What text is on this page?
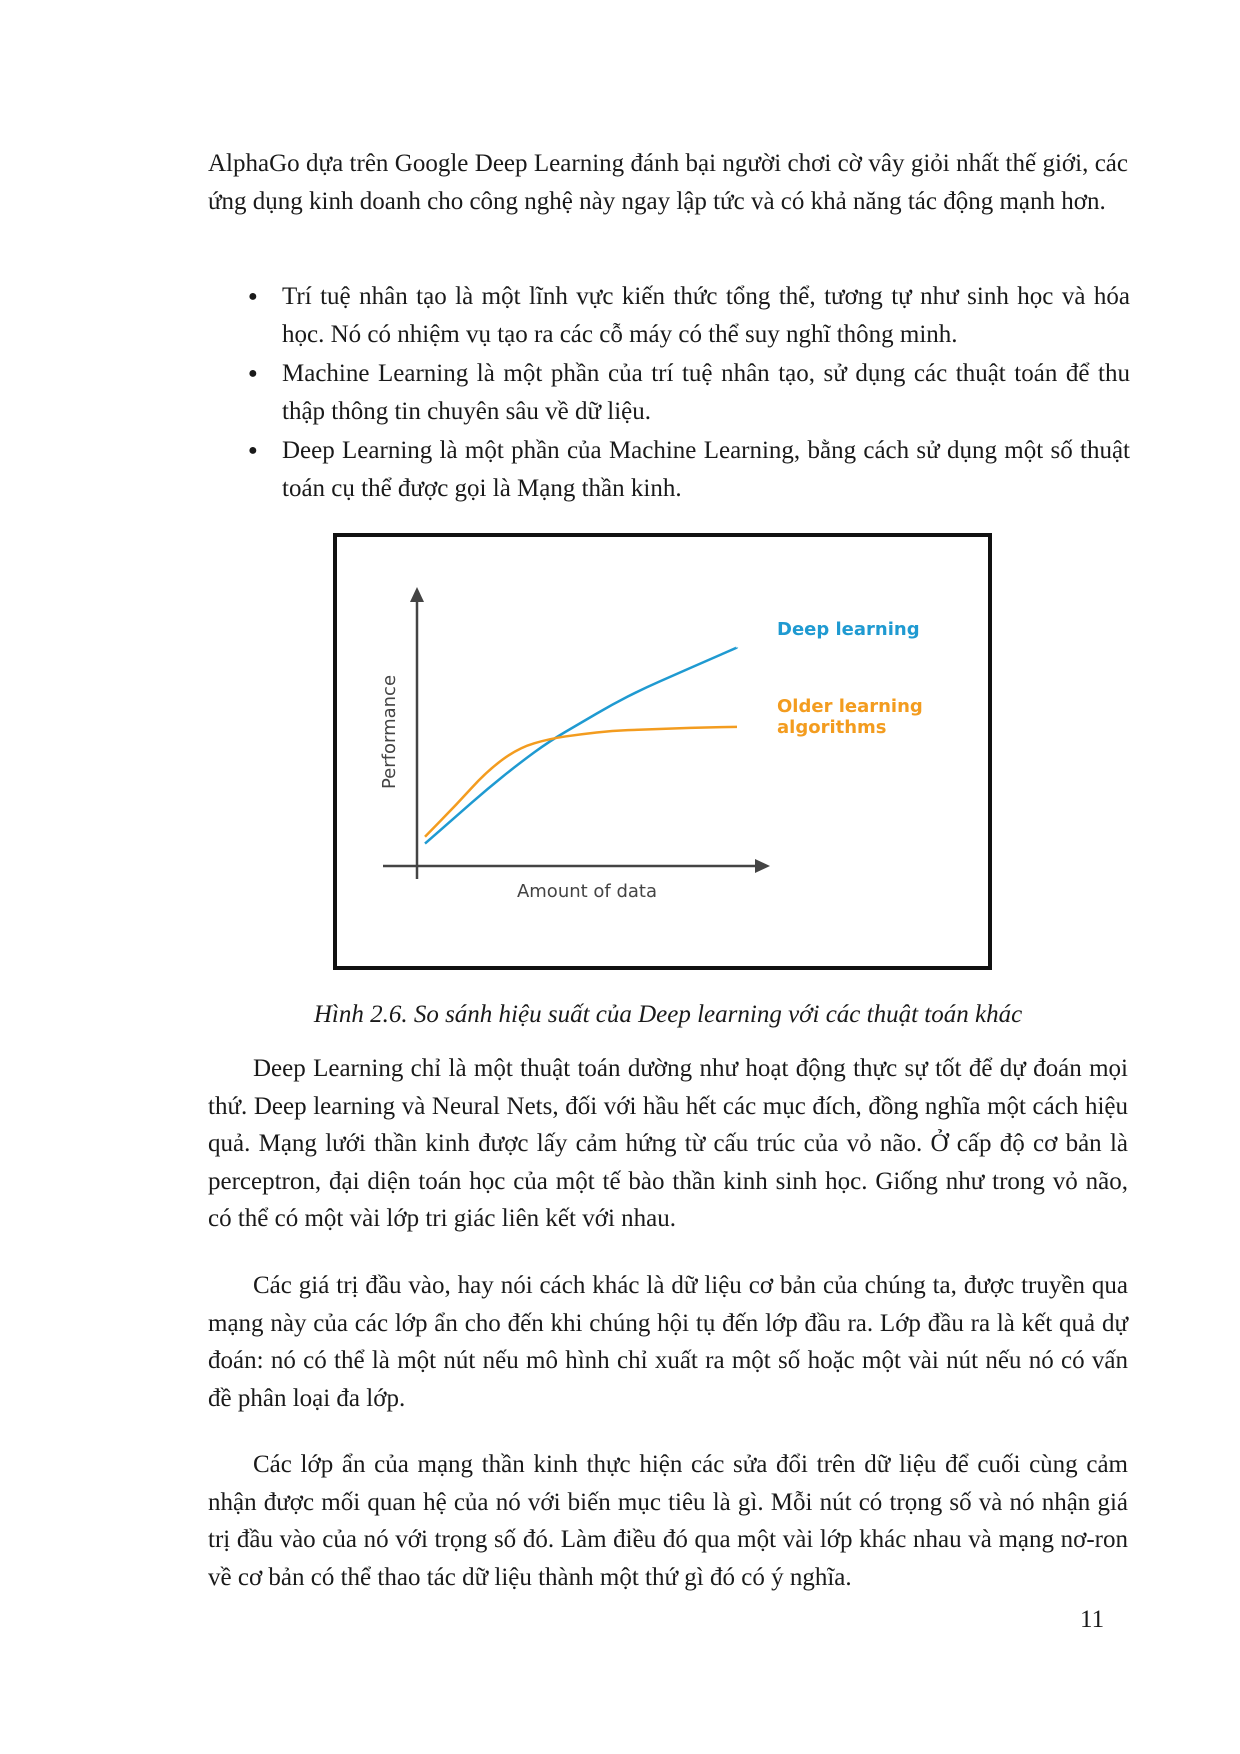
AlphaGo dựa trên Google Deep Learning đánh bại người chơi cờ vây giỏi nhất thế giới, các ứng dụng kinh doanh cho công nghệ này ngay lập tức và có khả năng tác động mạnh hơn.

● Trí tuệ nhân tạo là một lĩnh vực kiến thức tổng thể, tương tự như sinh học và hóa học. Nó có nhiệm vụ tạo ra các cỗ máy có thể suy nghĩ thông minh.
● Machine Learning là một phần của trí tuệ nhân tạo, sử dụng các thuật toán để thu thập thông tin chuyên sâu về dữ liệu.
● Deep Learning là một phần của Machine Learning, bằng cách sử dụng một số thuật toán cụ thể được gọi là Mạng thần kinh.
Performance
Amount of data
Deep learning
Older learning
algorithms

Hình 2.6. So sánh hiệu suất của Deep learning với các thuật toán khác

Deep Learning chỉ là một thuật toán dường như hoạt động thực sự tốt để dự đoán mọi thứ. Deep learning và Neural Nets, đối với hầu hết các mục đích, đồng nghĩa một cách hiệu quả. Mạng lưới thần kinh được lấy cảm hứng từ cấu trúc của vỏ não. Ở cấp độ cơ bản là perceptron, đại diện toán học của một tế bào thần kinh sinh học. Giống như trong vỏ não, có thể có một vài lớp tri giác liên kết với nhau.

Các giá trị đầu vào, hay nói cách khác là dữ liệu cơ bản của chúng ta, được truyền qua mạng này của các lớp ẩn cho đến khi chúng hội tụ đến lớp đầu ra. Lớp đầu ra là kết quả dự đoán: nó có thể là một nút nếu mô hình chỉ xuất ra một số hoặc một vài nút nếu nó có vấn đề phân loại đa lớp.

Các lớp ẩn của mạng thần kinh thực hiện các sửa đổi trên dữ liệu để cuối cùng cảm nhận được mối quan hệ của nó với biến mục tiêu là gì. Mỗi nút có trọng số và nó nhận giá trị đầu vào của nó với trọng số đó. Làm điều đó qua một vài lớp khác nhau và mạng nơ-ron về cơ bản có thể thao tác dữ liệu thành một thứ gì đó có ý nghĩa.

11
